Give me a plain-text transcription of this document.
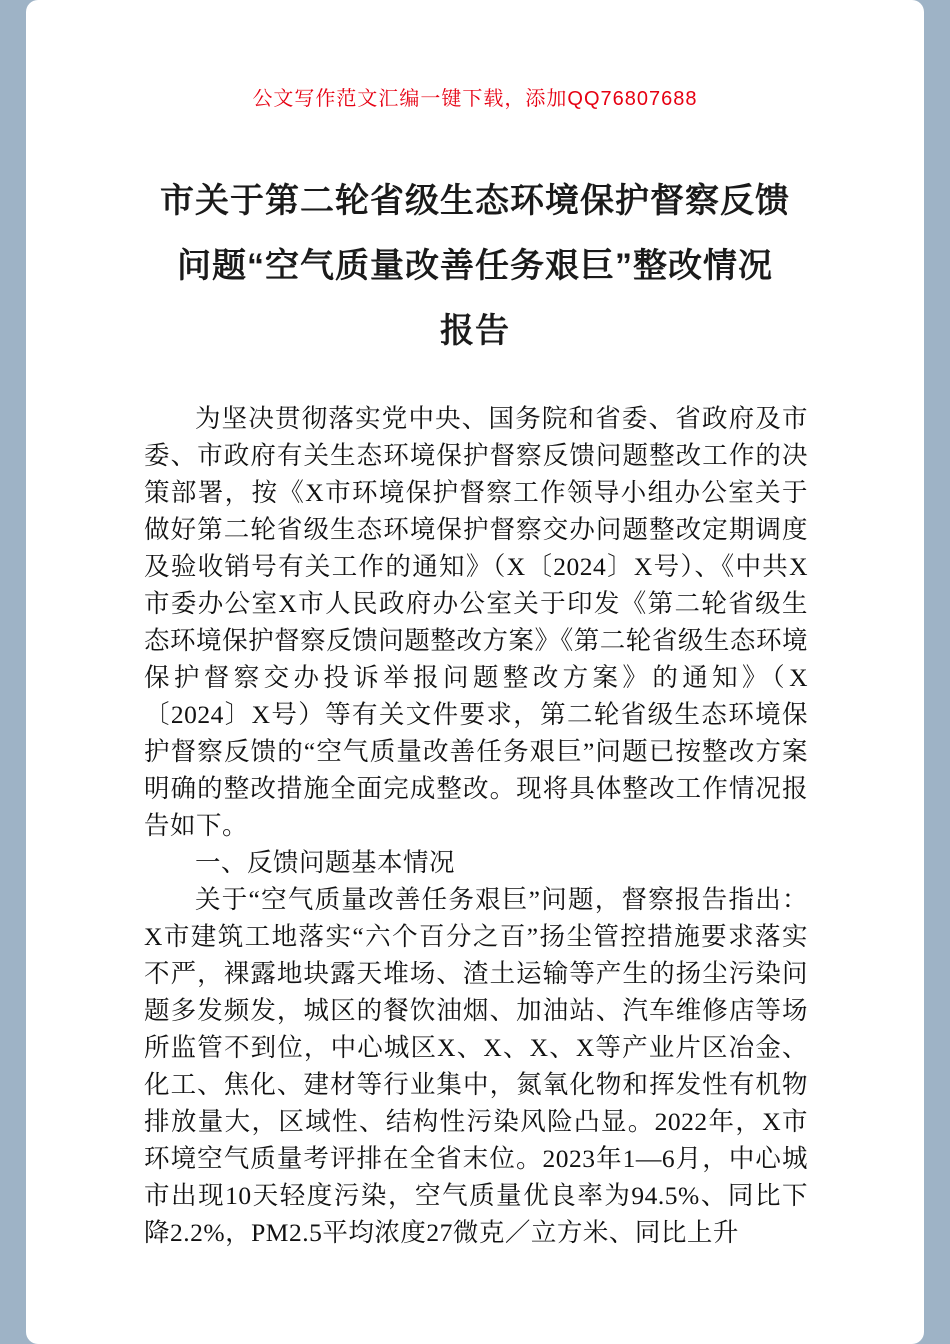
公文写作范文汇编一键下载，添加QQ76807688
市关于第二轮省级生态环境保护督察反馈
问题“空气质量改善任务艰巨”整改情况
报告

为坚决贯彻落实党中央、国务院和省委、省政府及市委、市政府有关生态环境保护督察反馈问题整改工作的决策部署，按《X市环境保护督察工作领导小组办公室关于做好第二轮省级生态环境保护督察交办问题整改定期调度及验收销号有关工作的通知》（X〔2024〕X号）、《中共X市委办公室X市人民政府办公室关于印发《第二轮省级生态环境保护督察反馈问题整改方案》《第二轮省级生态环境保护督察交办投诉举报问题整改方案》的通知》（X〔2024〕X号）等有关文件要求，第二轮省级生态环境保护督察反馈的“空气质量改善任务艰巨”问题已按整改方案明确的整改措施全面完成整改。现将具体整改工作情况报告如下。

一、反馈问题基本情况

关于“空气质量改善任务艰巨”问题，督察报告指出：X市建筑工地落实“六个百分之百”扬尘管控措施要求落实不严，裸露地块露天堆场、渣土运输等产生的扬尘污染问题多发频发，城区的餐饮油烟、加油站、汽车维修店等场所监管不到位，中心城区X、X、X、X等产业片区冶金、化工、焦化、建材等行业集中，氮氧化物和挥发性有机物排放量大，区域性、结构性污染风险凸显。2022年，X市环境空气质量考评排在全省末位。2023年1—6月，中心城市出现10天轻度污染，空气质量优良率为94.5%、同比下降2.2%，PM2.5平均浓度27微克／立方米、同比上升
